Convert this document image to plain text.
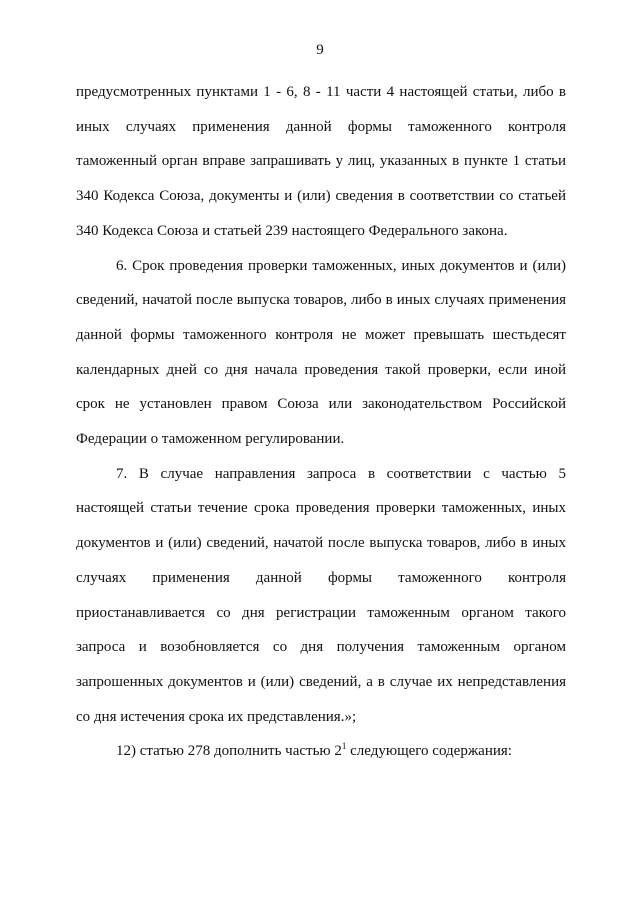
9

предусмотренных пунктами 1 - 6, 8 - 11 части 4 настоящей статьи, либо в иных случаях применения данной формы таможенного контроля таможенный орган вправе запрашивать у лиц, указанных в пункте 1 статьи 340 Кодекса Союза, документы и (или) сведения в соответствии со статьей 340 Кодекса Союза и статьей 239 настоящего Федерального закона.

6. Срок проведения проверки таможенных, иных документов и (или) сведений, начатой после выпуска товаров, либо в иных случаях применения данной формы таможенного контроля не может превышать шестьдесят календарных дней со дня начала проведения такой проверки, если иной срок не установлен правом Союза или законодательством Российской Федерации о таможенном регулировании.

7. В случае направления запроса в соответствии с частью 5 настоящей статьи течение срока проведения проверки таможенных, иных документов и (или) сведений, начатой после выпуска товаров, либо в иных случаях применения данной формы таможенного контроля приостанавливается со дня регистрации таможенным органом такого запроса и возобновляется со дня получения таможенным органом запрошенных документов и (или) сведений, а в случае их непредставления со дня истечения срока их представления.»;

12) статью 278 дополнить частью $2^1$ следующего содержания:
